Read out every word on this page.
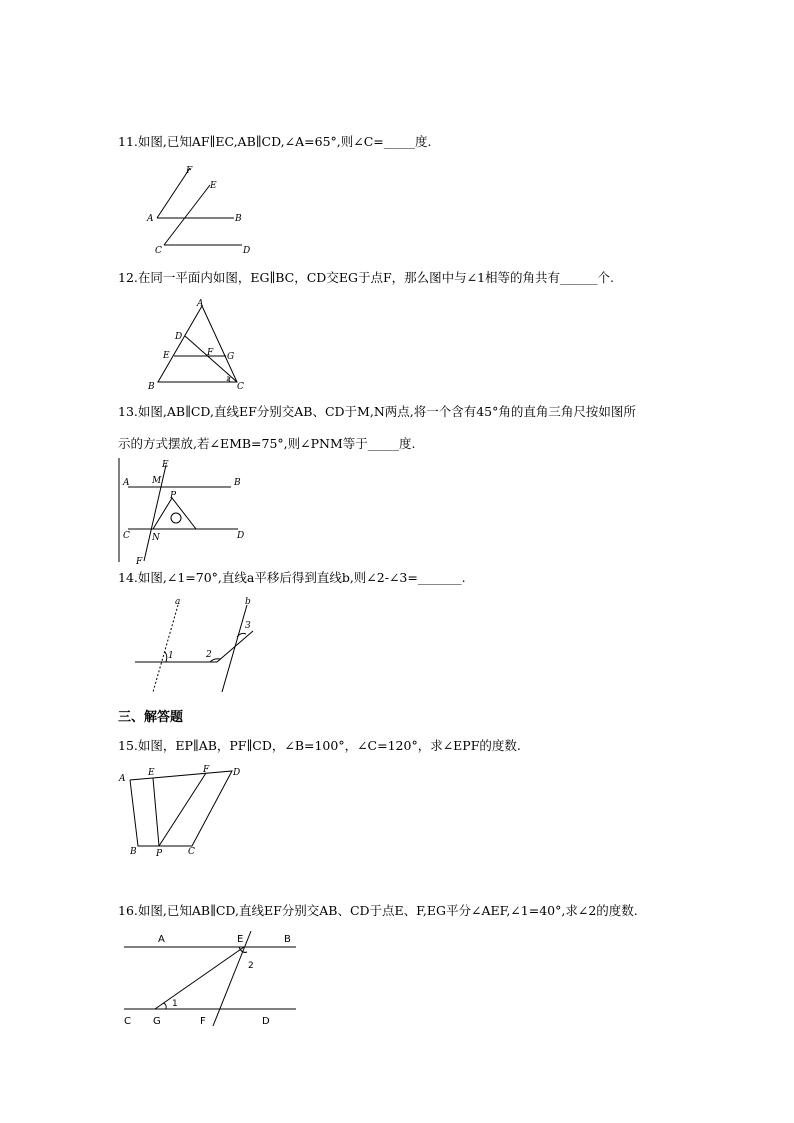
11.如图,已知AF∥EC,AB∥CD,∠A=65°,则∠C=_____度.
F
E
A	B
C	D
12.在同一平面内如图，EG∥BC，CD交EG于点F，那么图中与∠1相等的角共有______个.
A
D
E	F G
B
1
C
13.如图,AB∥CD,直线EF分别交AB、CD于M,N两点,将一个含有45°角的直角三角尺按如图所
示的方式摆放,若∠EMB=75°,则∠PNM等于_____度.
E
A	M	B
P
C N	D
F
14.如图,∠1=70°,直线a平移后得到直线b,则∠2-∠3=_______.
a	b
3
2
1
三、解答题
15.如图，EP∥AB，PF∥CD，∠B=100°，∠C=120°，求∠EPF的度数.
A
E	F	D
B P	C
16.如图,已知AB∥CD,直线EF分别交AB、CD于点E、F,EG平分∠AEF,∠1=40°,求∠2的度数.
A	E	B
2
1
C G	F	D
